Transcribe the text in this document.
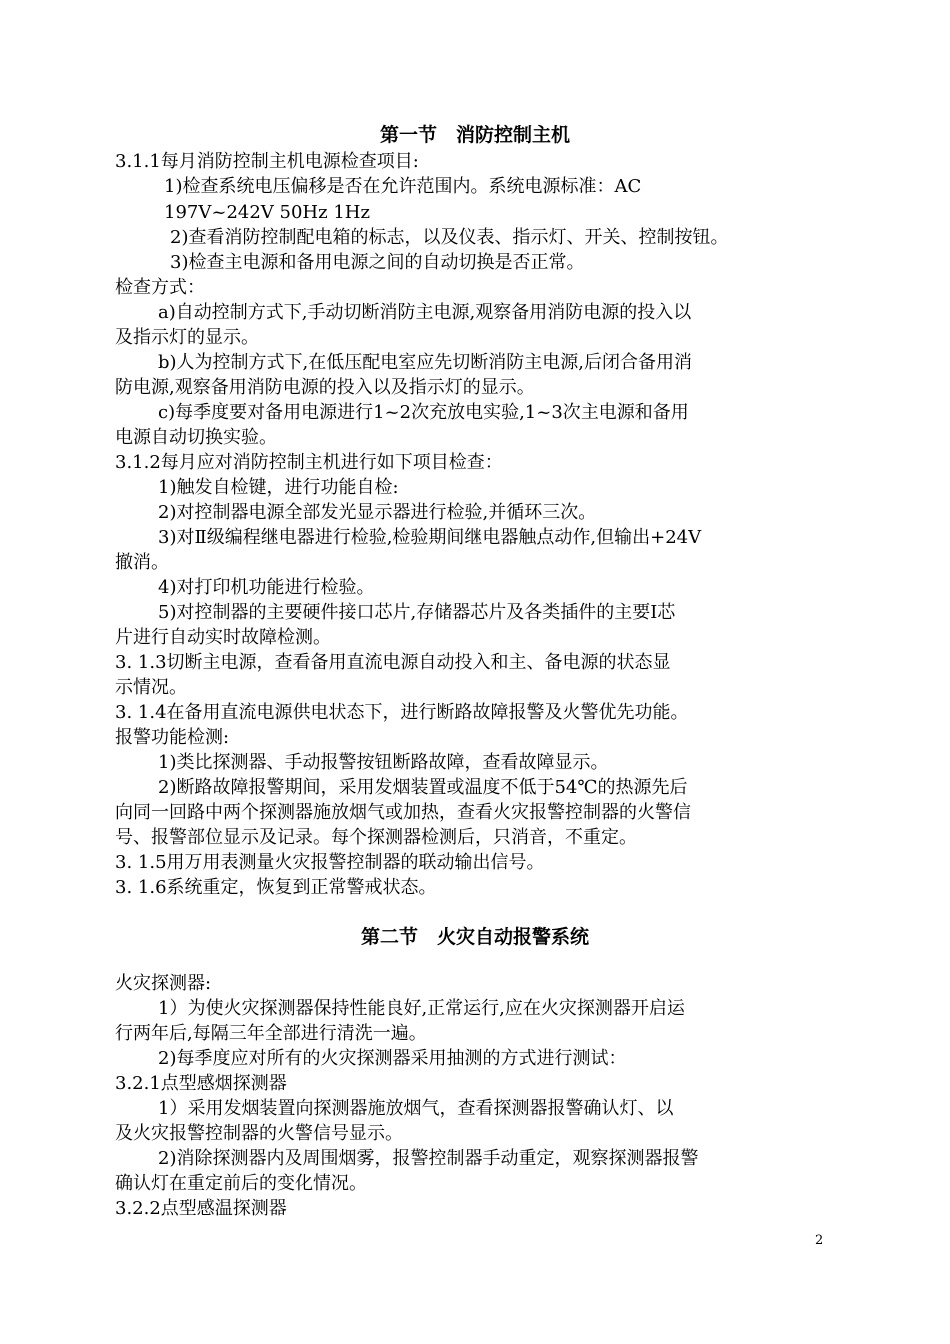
第一节　消防控制主机
3.1.1每月消防控制主机电源检查项目:
1)检查系统电压偏移是否在允许范围内。系统电源标准：AC
197V~242V 50Hz 1Hz
2)查看消防控制配电箱的标志，以及仪表、指示灯、开关、控制按钮。
3)检查主电源和备用电源之间的自动切换是否正常。
检查方式：
a)自动控制方式下,手动切断消防主电源,观察备用消防电源的投入以
及指示灯的显示。
b)人为控制方式下,在低压配电室应先切断消防主电源,后闭合备用消
防电源,观察备用消防电源的投入以及指示灯的显示。
c)每季度要对备用电源进行1~2次充放电实验,1~3次主电源和备用
电源自动切换实验。
3.1.2每月应对消防控制主机进行如下项目检查：
1)触发自检键，进行功能自检:
2)对控制器电源全部发光显示器进行检验,并循环三次。
3)对Ⅱ级编程继电器进行检验,检验期间继电器触点动作,但输出+24V
撤消。
4)对打印机功能进行检验。
5)对控制器的主要硬件接口芯片,存储器芯片及各类插件的主要I芯
片进行自动实时故障检测。
3. 1.3切断主电源，查看备用直流电源自动投入和主、备电源的状态显
示情况。
3. 1.4在备用直流电源供电状态下，进行断路故障报警及火警优先功能。
报警功能检测:
1)类比探测器、手动报警按钮断路故障，查看故障显示。
2)断路故障报警期间，采用发烟装置或温度不低于54℃的热源先后
向同一回路中两个探测器施放烟气或加热，查看火灾报警控制器的火警信
号、报警部位显示及记录。每个探测器检测后，只消音，不重定。
3. 1.5用万用表测量火灾报警控制器的联动输出信号。
3. 1.6系统重定，恢复到正常警戒状态。
第二节　火灾自动报警系统
火灾探测器:
1）为使火灾探测器保持性能良好,正常运行,应在火灾探测器开启运
行两年后,每隔三年全部进行清洗一遍。
2)每季度应对所有的火灾探测器采用抽测的方式进行测试：
3.2.1点型感烟探测器
1）采用发烟装置向探测器施放烟气，查看探测器报警确认灯、以
及火灾报警控制器的火警信号显示。
2)消除探测器内及周围烟雾，报警控制器手动重定，观察探测器报警
确认灯在重定前后的变化情况。
3.2.2点型感温探测器
2
